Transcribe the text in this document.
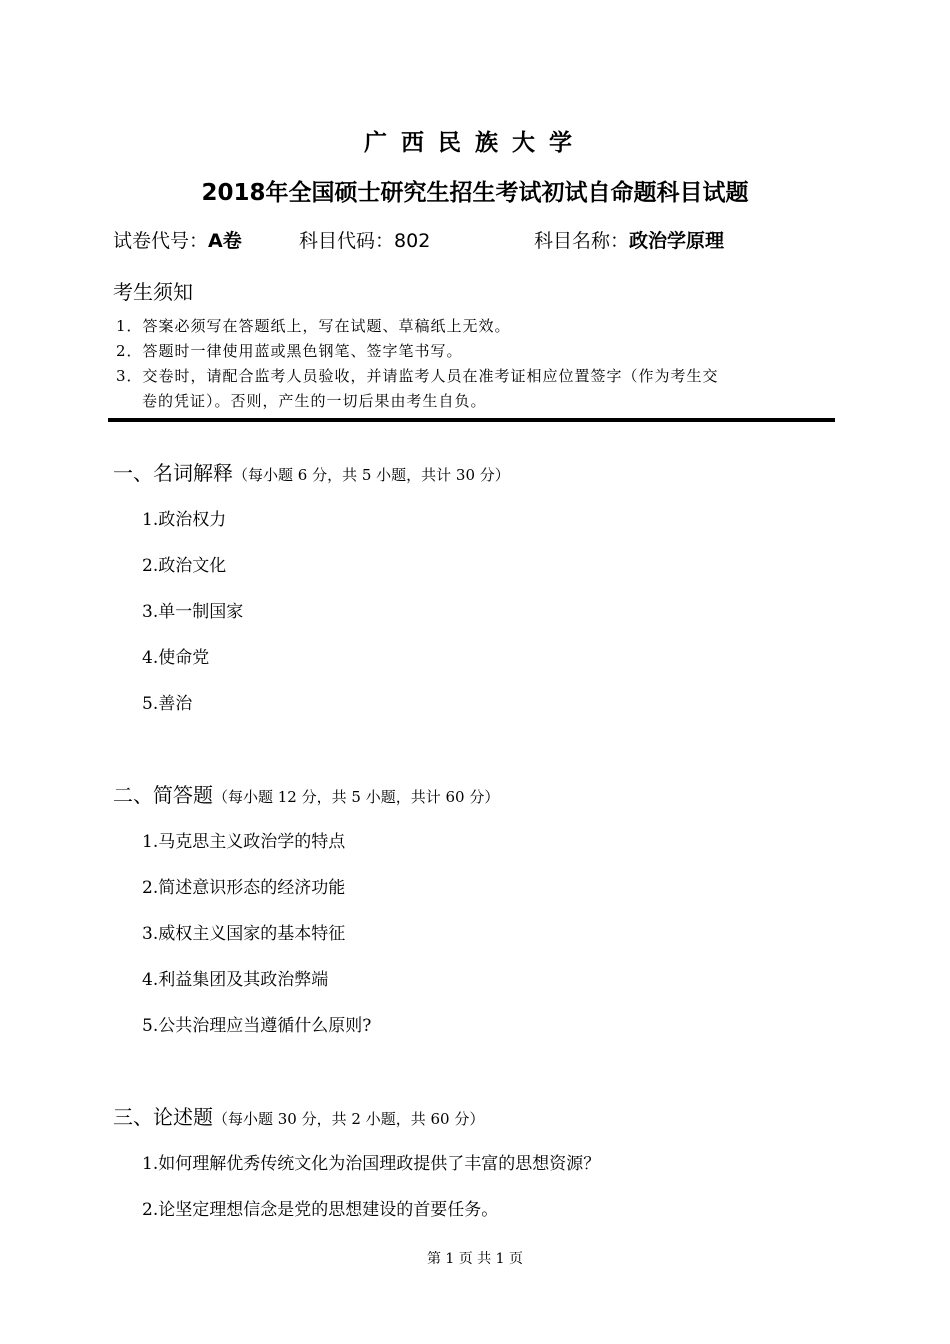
广西民族大学
2018年全国硕士研究生招生考试初试自命题科目试题
试卷代号：A卷	科目代码：802	科目名称：政治学原理
考生须知
1．答案必须写在答题纸上，写在试题、草稿纸上无效。
2．答题时一律使用蓝或黑色钢笔、签字笔书写。
3．交卷时，请配合监考人员验收，并请监考人员在准考证相应位置签字（作为考生交
卷的凭证）。否则，产生的一切后果由考生自负。
一、名词解释（每小题 6 分，共 5 小题，共计 30 分）
1.政治权力
2.政治文化
3.单一制国家
4.使命党
5.善治
二、简答题（每小题 12 分，共 5 小题，共计 60 分）
1.马克思主义政治学的特点
2.简述意识形态的经济功能
3.威权主义国家的基本特征
4.利益集团及其政治弊端
5.公共治理应当遵循什么原则?
三、论述题（每小题 30 分，共 2 小题，共 60 分）
1.如何理解优秀传统文化为治国理政提供了丰富的思想资源？
2.论坚定理想信念是党的思想建设的首要任务。
第 1 页 共 1 页
